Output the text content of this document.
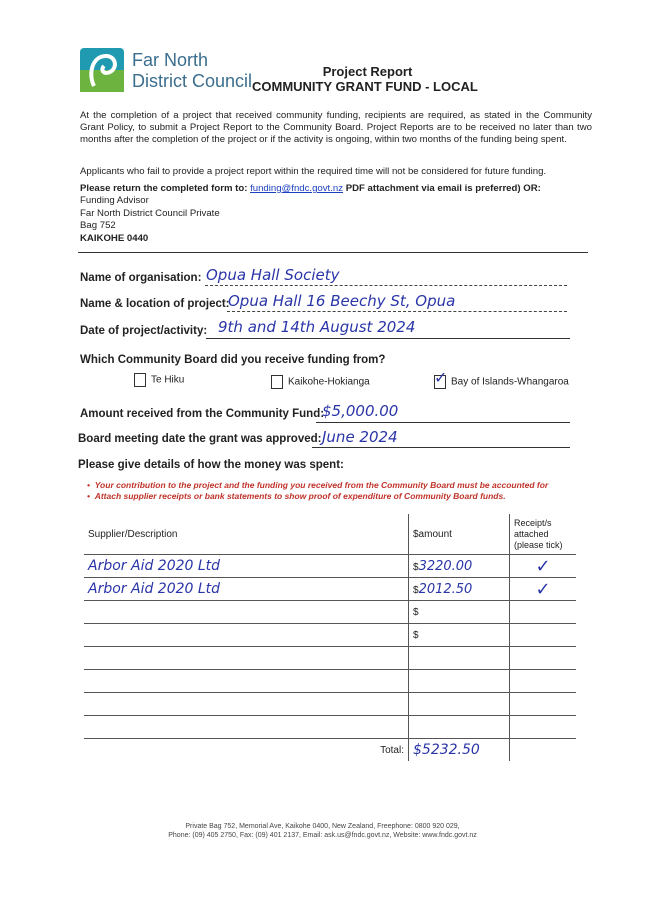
Far North
District Council	Project Report
COMMUNITY GRANT FUND - LOCAL
At the completion of a project that received community funding, recipients are required, as stated in the Community Grant Policy, to submit a Project Report to the Community Board. Project Reports are to be received no later than two months after the completion of the project or if the activity is ongoing, within two months of the funding being spent.
Applicants who fail to provide a project report within the required time will not be considered for future funding.
Please return the completed form to: funding@fndc.govt.nz PDF attachment via email is preferred) OR:
Funding Advisor
Far North District Council Private
Bag 752
KAIKOHE 0440
Name of organisation: Opua Hall Society
Name & location of project:
Opua Hall 16 Beechy St, Opua
Date of project/activity: 9th and 14th August 2024
Which Community Board did you receive funding from?
Te Hiku	Kaikohe-Hokianga	✓ Bay of Islands-Whangaroa
Amount received from the Community Fund:
$5,000.00
Board meeting date the grant was approved: June 2024
Please give details of how the money was spent:
•  Your contribution to the project and the funding you received from the Community Board must be accounted for
•  Attach supplier receipts or bank statements to show proof of expenditure of Community Board funds.
Supplier/Description	$amount	Receipt/s attached (please tick)
Arbor Aid 2020 Ltd	$3220.00	✓
Arbor Aid 2020 Ltd	$2012.50	✓
	$	
	$	

Total:	$5232.50	
Private Bag 752, Memorial Ave, Kaikohe 0400, New Zealand, Freephone: 0800 920 029,
Phone: (09) 405 2750, Fax: (09) 401 2137, Email: ask.us@fndc.govt.nz, Website: www.fndc.govt.nz
